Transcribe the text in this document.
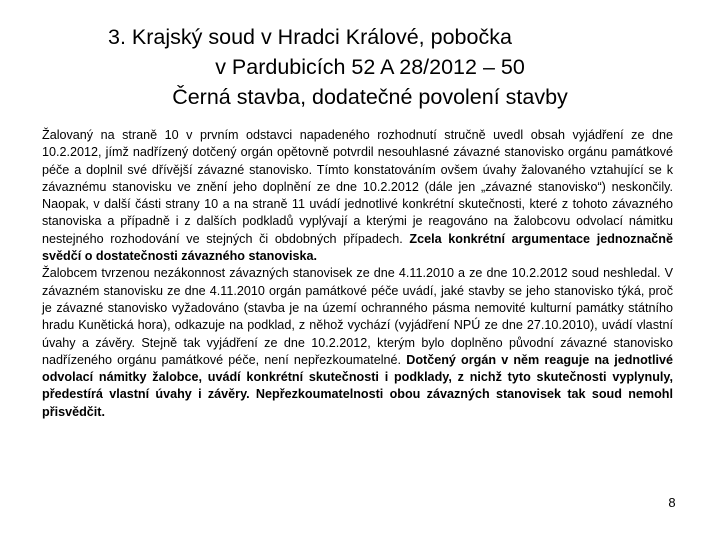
3. Krajský soud v Hradci Králové, pobočka
v Pardubicích 52 A 28/2012 – 50
Černá stavba, dodatečné povolení stavby

Žalovaný na straně 10 v prvním odstavci napadeného rozhodnutí stručně uvedl obsah vyjádření ze dne 10.2.2012, jímž nadřízený dotčený orgán opětovně potvrdil nesouhlasné závazné stanovisko orgánu památkové péče a doplnil své dřívější závazné stanovisko. Tímto konstatováním ovšem úvahy žalovaného vztahující se k závaznému stanovisku ve znění jeho doplnění ze dne 10.2.2012 (dále jen „závazné stanovisko“) neskončily. Naopak, v další části strany 10 a na straně 11 uvádí jednotlivé konkrétní skutečnosti, které z tohoto závazného stanoviska a případně i z dalších podkladů vyplývají a kterými je reagováno na žalobcovu odvolací námitku nestejného rozhodování ve stejných či obdobných případech. Zcela konkrétní argumentace jednoznačně svědčí o dostatečnosti závazného stanoviska.

Žalobcem tvrzenou nezákonnost závazných stanovisek ze dne 4.11.2010 a ze dne 10.2.2012 soud neshledal. V závazném stanovisku ze dne 4.11.2010 orgán památkové péče uvádí, jaké stavby se jeho stanovisko týká, proč je závazné stanovisko vyžadováno (stavba je na území ochranného pásma nemovité kulturní památky státního hradu Kunětická hora), odkazuje na podklad, z něhož vychází (vyjádření NPÚ ze dne 27.10.2010), uvádí vlastní úvahy a závěry. Stejně tak vyjádření ze dne 10.2.2012, kterým bylo doplněno původní závazné stanovisko nadřízeného orgánu památkové péče, není nepřezkoumatelné. Dotčený orgán v něm reaguje na jednotlivé odvolací námitky žalobce, uvádí konkrétní skutečnosti i podklady, z nichž tyto skutečnosti vyplynuly, předestírá vlastní úvahy i závěry. Nepřezkoumatelnosti obou závazných stanovisek tak soud nemohl přisvědčit.

8
